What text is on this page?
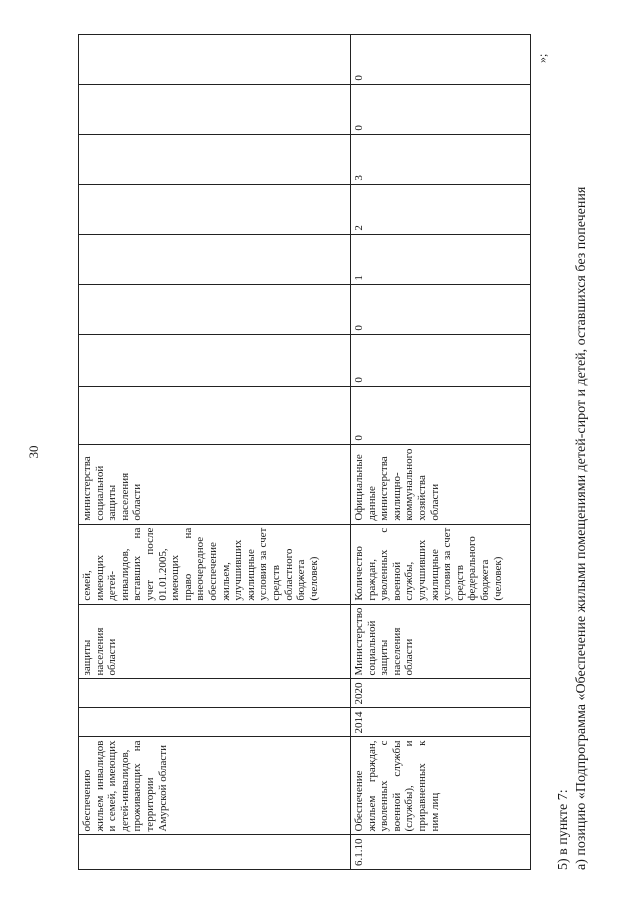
30
	обеспечению жильем инвалидов и семей, имеющих детей-инвалидов, проживающих на территории Амурской области			защиты населения области	семей, имеющих детей-инвалидов, вставших на учет после 01.01.2005, имеющих право на внеочередное обеспечение жильем, улучшивших жилищные условия за счет средств областного бюджета (человек)	министерства социальной защиты населения области								
6.1.10	Обеспечение жильем граждан, уволенных с военной службы (службы), и приравненных к ним лиц	2014	2020	Министерство социальной защиты населения области	Количество граждан, уволенных с военной службы, улучшивших жилищные условия за счет средств федерального бюджета (человек)	Официальные данные министерства жилищно-коммунального хозяйства области	0	0	0	1	2	3	0	0
»;
5) в пункте 7: а) позицию «Подпрограмма «Обеспечение жилыми помещениями детей-сирот и детей, оставшихся без попечения
